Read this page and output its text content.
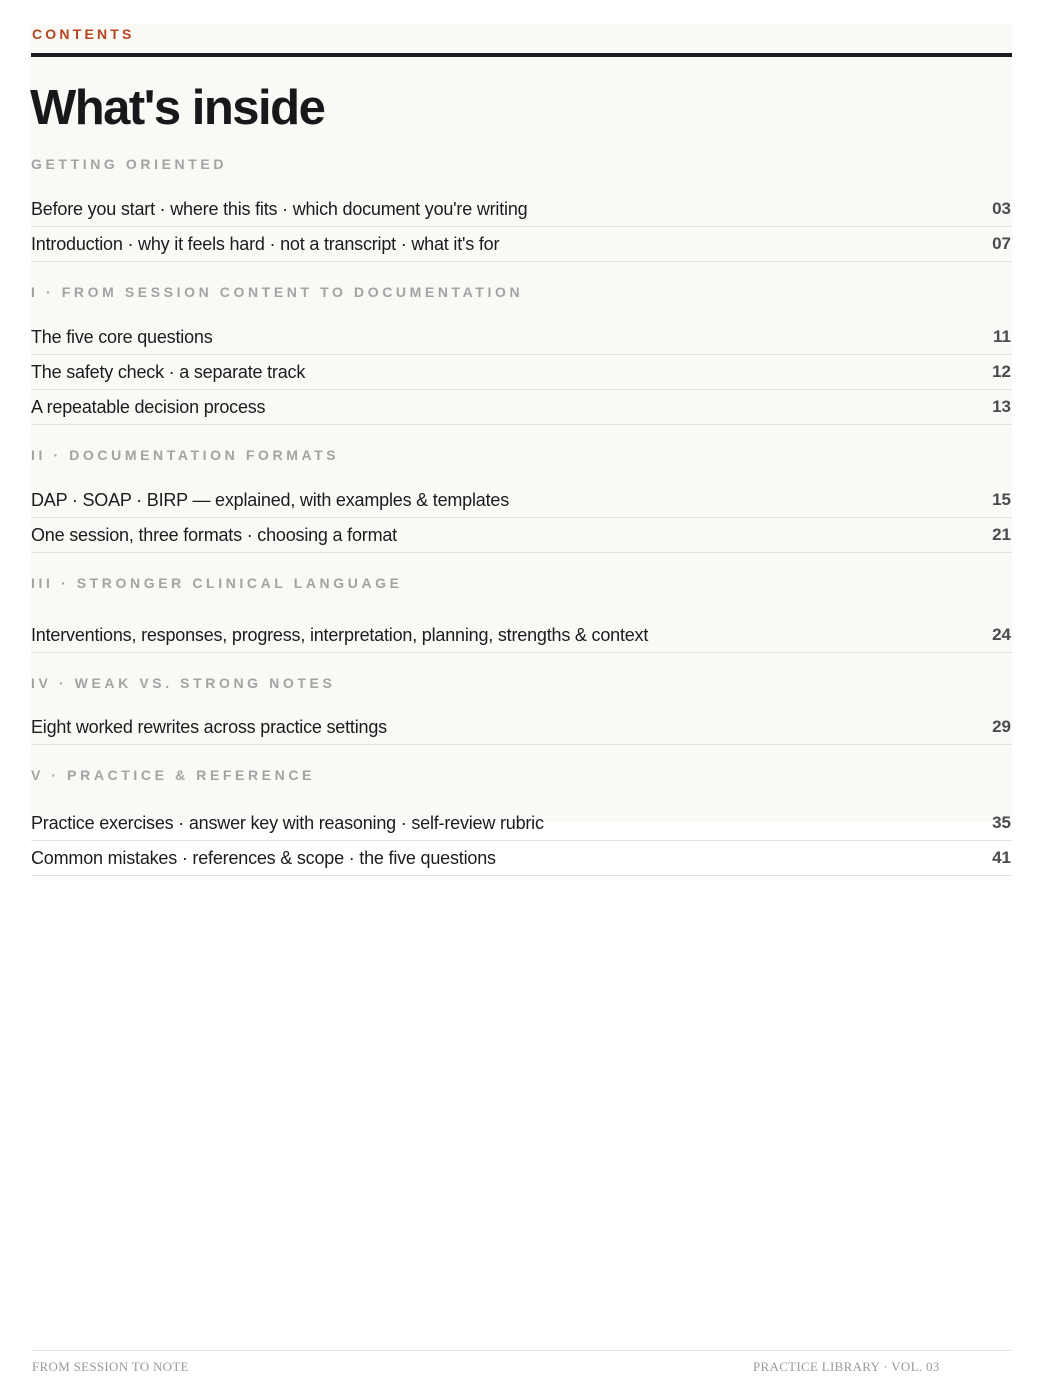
CONTENTS
What's inside
GETTING ORIENTED
Before you start · where this fits · which document you're writing	03
Introduction · why it feels hard · not a transcript · what it's for	07
I · FROM SESSION CONTENT TO DOCUMENTATION
The five core questions	11
The safety check · a separate track	12
A repeatable decision process	13
II · DOCUMENTATION FORMATS
DAP · SOAP · BIRP — explained, with examples & templates	15
One session, three formats · choosing a format	21
III · STRONGER CLINICAL LANGUAGE
Interventions, responses, progress, interpretation, planning, strengths & context	24
IV · WEAK VS. STRONG NOTES
Eight worked rewrites across practice settings	29
V · PRACTICE & REFERENCE
Practice exercises · answer key with reasoning · self-review rubric	35
Common mistakes · references & scope · the five questions	41
FROM SESSION TO NOTE	PRACTICE LIBRARY · VOL. 03
